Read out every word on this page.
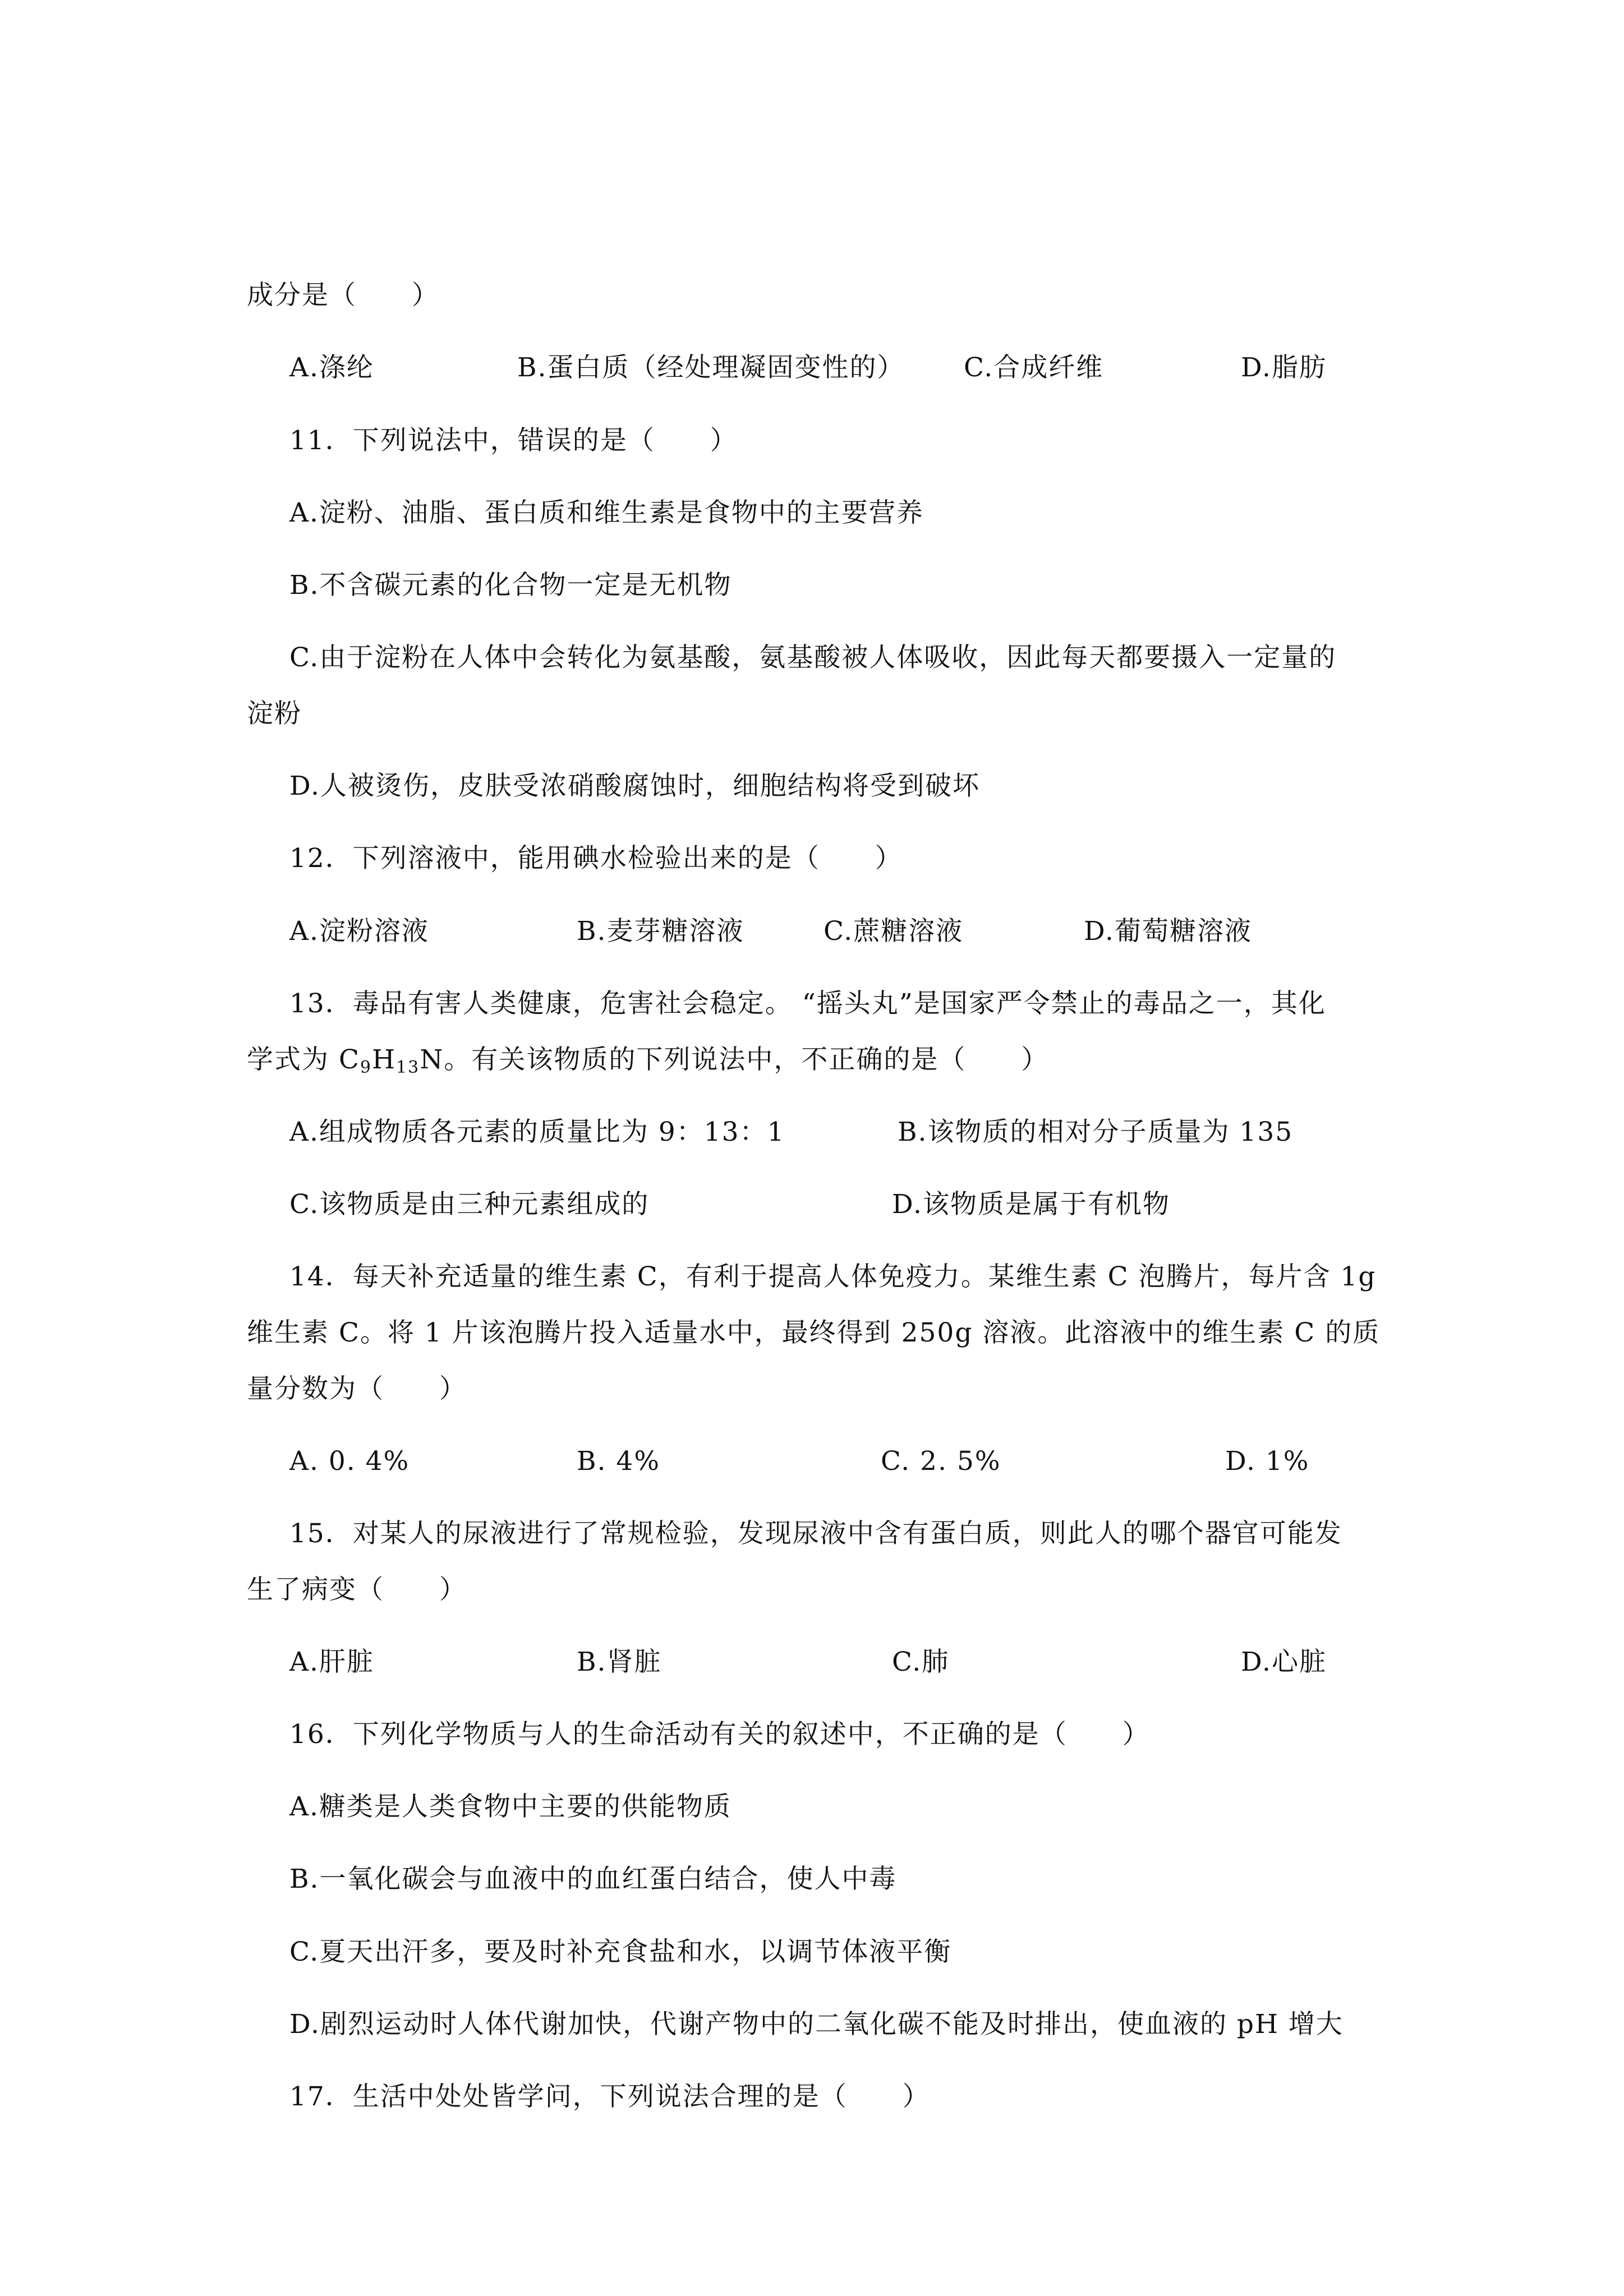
成分是（　　）
A.涤纶	B.蛋白质（经处理凝固变性的） C.合成纤维	D.脂肪
11．下列说法中，错误的是（　　）
A.淀粉、油脂、蛋白质和维生素是食物中的主要营养
B.不含碳元素的化合物一定是无机物
C.由于淀粉在人体中会转化为氨基酸，氨基酸被人体吸收，因此每天都要摄入一定量的
淀粉
D.人被烫伤，皮肤受浓硝酸腐蚀时，细胞结构将受到破坏
12．下列溶液中，能用碘水检验出来的是（　　）
A.淀粉溶液	B.麦芽糖溶液	C.蔗糖溶液	D.葡萄糖溶液
13．毒品有害人类健康，危害社会稳定。 “摇头丸”是国家严令禁止的毒品之一，其化
学式为 $C_9H_{13}N$。有关该物质的下列说法中，不正确的是（　　）
A.组成物质各元素的质量比为 9：13：1	B.该物质的相对分子质量为 135
C.该物质是由三种元素组成的	D.该物质是属于有机物
14．每天补充适量的维生素 C，有利于提高人体免疫力。某维生素 C 泡腾片，每片含 1g
维生素 C。将 1 片该泡腾片投入适量水中，最终得到 250g 溶液。此溶液中的维生素 C 的质
量分数为（　　）
A. 0. 4%	B. 4%	C. 2. 5%	D. 1%
15．对某人的尿液进行了常规检验，发现尿液中含有蛋白质，则此人的哪个器官可能发
生了病变（　　）
A.肝脏	B.肾脏	C.肺	D.心脏
16．下列化学物质与人的生命活动有关的叙述中，不正确的是（　　）
A.糖类是人类食物中主要的供能物质
B.一氧化碳会与血液中的血红蛋白结合，使人中毒
C.夏天出汗多，要及时补充食盐和水，以调节体液平衡
D.剧烈运动时人体代谢加快，代谢产物中的二氧化碳不能及时排出，使血液的 pH 增大
17．生活中处处皆学问，下列说法合理的是（　　）
